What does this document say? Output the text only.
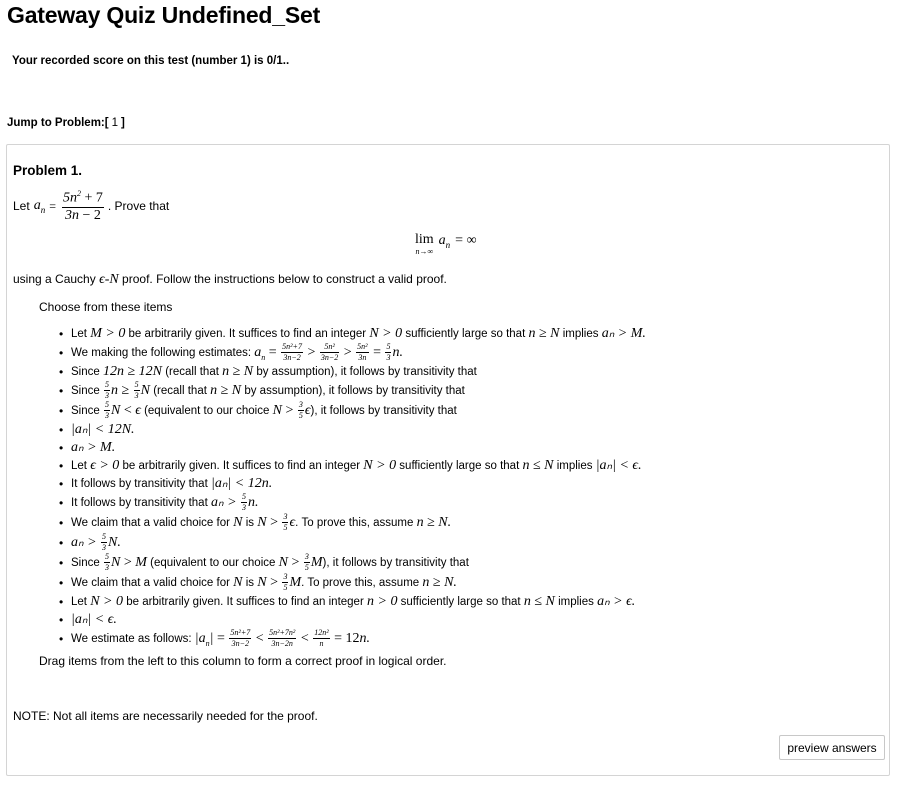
Gateway Quiz Undefined_Set
Your recorded score on this test (number 1) is 0/1..
Jump to Problem:[ 1 ]
Problem 1.
Let $a_n = \frac{5n^2 + 7}{3n - 2}$ . Prove that
lim
n→∞
$a_n$ = ∞
using a Cauchy ϵ-N proof. Follow the instructions below to construct a valid proof.
Choose from these items
• Let M > 0 be arbitrarily given. It suffices to find an integer N > 0 sufficiently large so that n ≥ N implies aₙ > M.
• We making the following estimates: $a_n = \frac{\text{5n²+7}}{3n-2} > \frac{\text{5n²}}{3n-2} > \frac{\text{5n²}}{3n} = \frac{5}{3} n$.
• Since 12n ≥ 12N (recall that n ≥ N by assumption), it follows by transitivity that
• Since $\frac{5}{3}$ $n \ge \frac{5}{3}$ N (recall that n ≥ N by assumption), it follows by transitivity that
• Since $\frac{5}{3}$ N < ϵ (equivalent to our choice $N > \frac{3}{5} \epsilon$), it follows by transitivity that
• |aₙ| < 12N.
• aₙ > M.
• Let ϵ > 0 be arbitrarily given. It suffices to find an integer N > 0 sufficiently large so that n ≤ N implies |aₙ| < ϵ.
• It follows by transitivity that |aₙ| < 12n.
• It follows by transitivity that $a_n > \frac{5}{3} n$.
• We claim that a valid choice for N is $N > \frac{3}{5} \epsilon$. To prove this, assume n ≥ N.
• $a_n > \frac{5}{3} N$.
• Since $\frac{5}{3}$ N > M (equivalent to our choice $N > \frac{3}{5} M$), it follows by transitivity that
• We claim that a valid choice for N is $N > \frac{3}{5} M$. To prove this, assume n ≥ N.
• Let N > 0 be arbitrarily given. It suffices to find an integer n > 0 sufficiently large so that n ≤ N implies aₙ > ϵ.
• |aₙ| < ϵ.
• We estimate as follows: $|a_n| = \frac{\text{5n²+7}}{3n-2} < \frac{\text{5n²+7n²}}{3n-2n} < \frac{\text{12n²}}{n} = 12n$.
Drag items from the left to this column to form a correct proof in logical order.
NOTE: Not all items are necessarily needed for the proof.
preview answers
